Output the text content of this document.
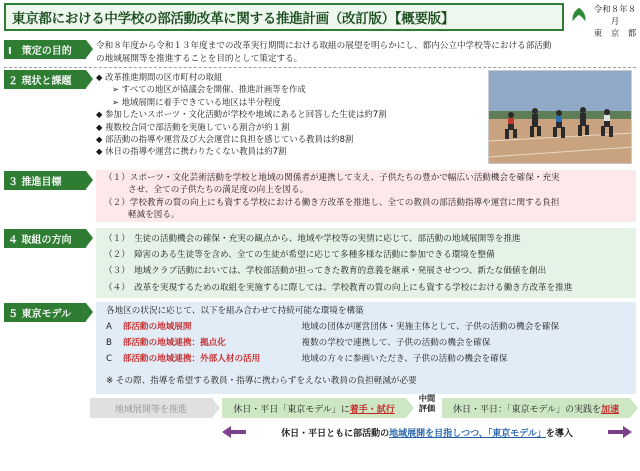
東京都における中学校の部活動改革に関する推進計画（改訂版）【概要版】
令和８年８月
東　京　都
Ⅰ　策定の目的	令和８年度から令和１３年度までの改革実行期間における取組の展望を明らかにし、都内公立中学校等における部活動
の地域展開等を推進することを目的として策定する。
２ 現状と課題	◆ 改革推進期間の区市町村の取組
➢ すべての地区が協議会を開催、推進計画等を作成
➢ 地域展開に着手できている地区は半分程度
◆ 参加したいスポーツ・文化活動が学校や地域にあると回答した生徒は約7割
◆ 複数校合同で部活動を実施している割合が約１割
◆ 部活動の指導や運営及び大会運営に負担を感じている教員は約8割
◆ 休日の指導や運営に携わりたくない教員は約7割
３ 推進目標	（１）スポーツ・文化芸術活動を学校と地域の関係者が連携して支え、子供たちの豊かで幅広い活動機会を確保・充実
させ、全ての子供たちの満足度の向上を図る。
（２）学校教育の質の向上にも資する学校における働き方改革を推進し、全ての教員の部活動指導や運営に関する負担
軽減を図る。
４ 取組の方向	（１）　生徒の活動機会の確保・充実の観点から、地域や学校等の実情に応じて、部活動の地域展開等を推進
（２）　障害のある生徒等を含め、全ての生徒が希望に応じて多種多様な活動に参加できる環境を整備
（３）　地域クラブ活動においては、学校部活動が担ってきた教育的意義を継承・発展させつつ、新たな価値を創出
（４）　改革を実現するための取組を実施するに際しては、学校教育の質の向上にも資する学校における働き方改革を推進
５ 東京モデル	各地区の状況に応じて、以下を組み合わせて持続可能な環境を構築
A 部活動の地域展開	地域の団体が運営団体・実施主体として、子供の活動の機会を確保
B 部活動の地域連携：拠点化	複数の学校で連携して、子供の活動の機会を確保
C 部活動の地域連携：外部人材の活用	地域の方々に参画いただき、子供の活動の機会を確保
※ その際、指導を希望する教員・指導に携わらずをえない教員の負担軽減が必要
地域展開等を推進	休日・平日「東京モデル」に 着手・試行
中間
評価	休日・平日：「東京モデル」の実践を 加速
休日・平日ともに部活動の 地域展開を目指しつつ、「東京モデル」 を導入
